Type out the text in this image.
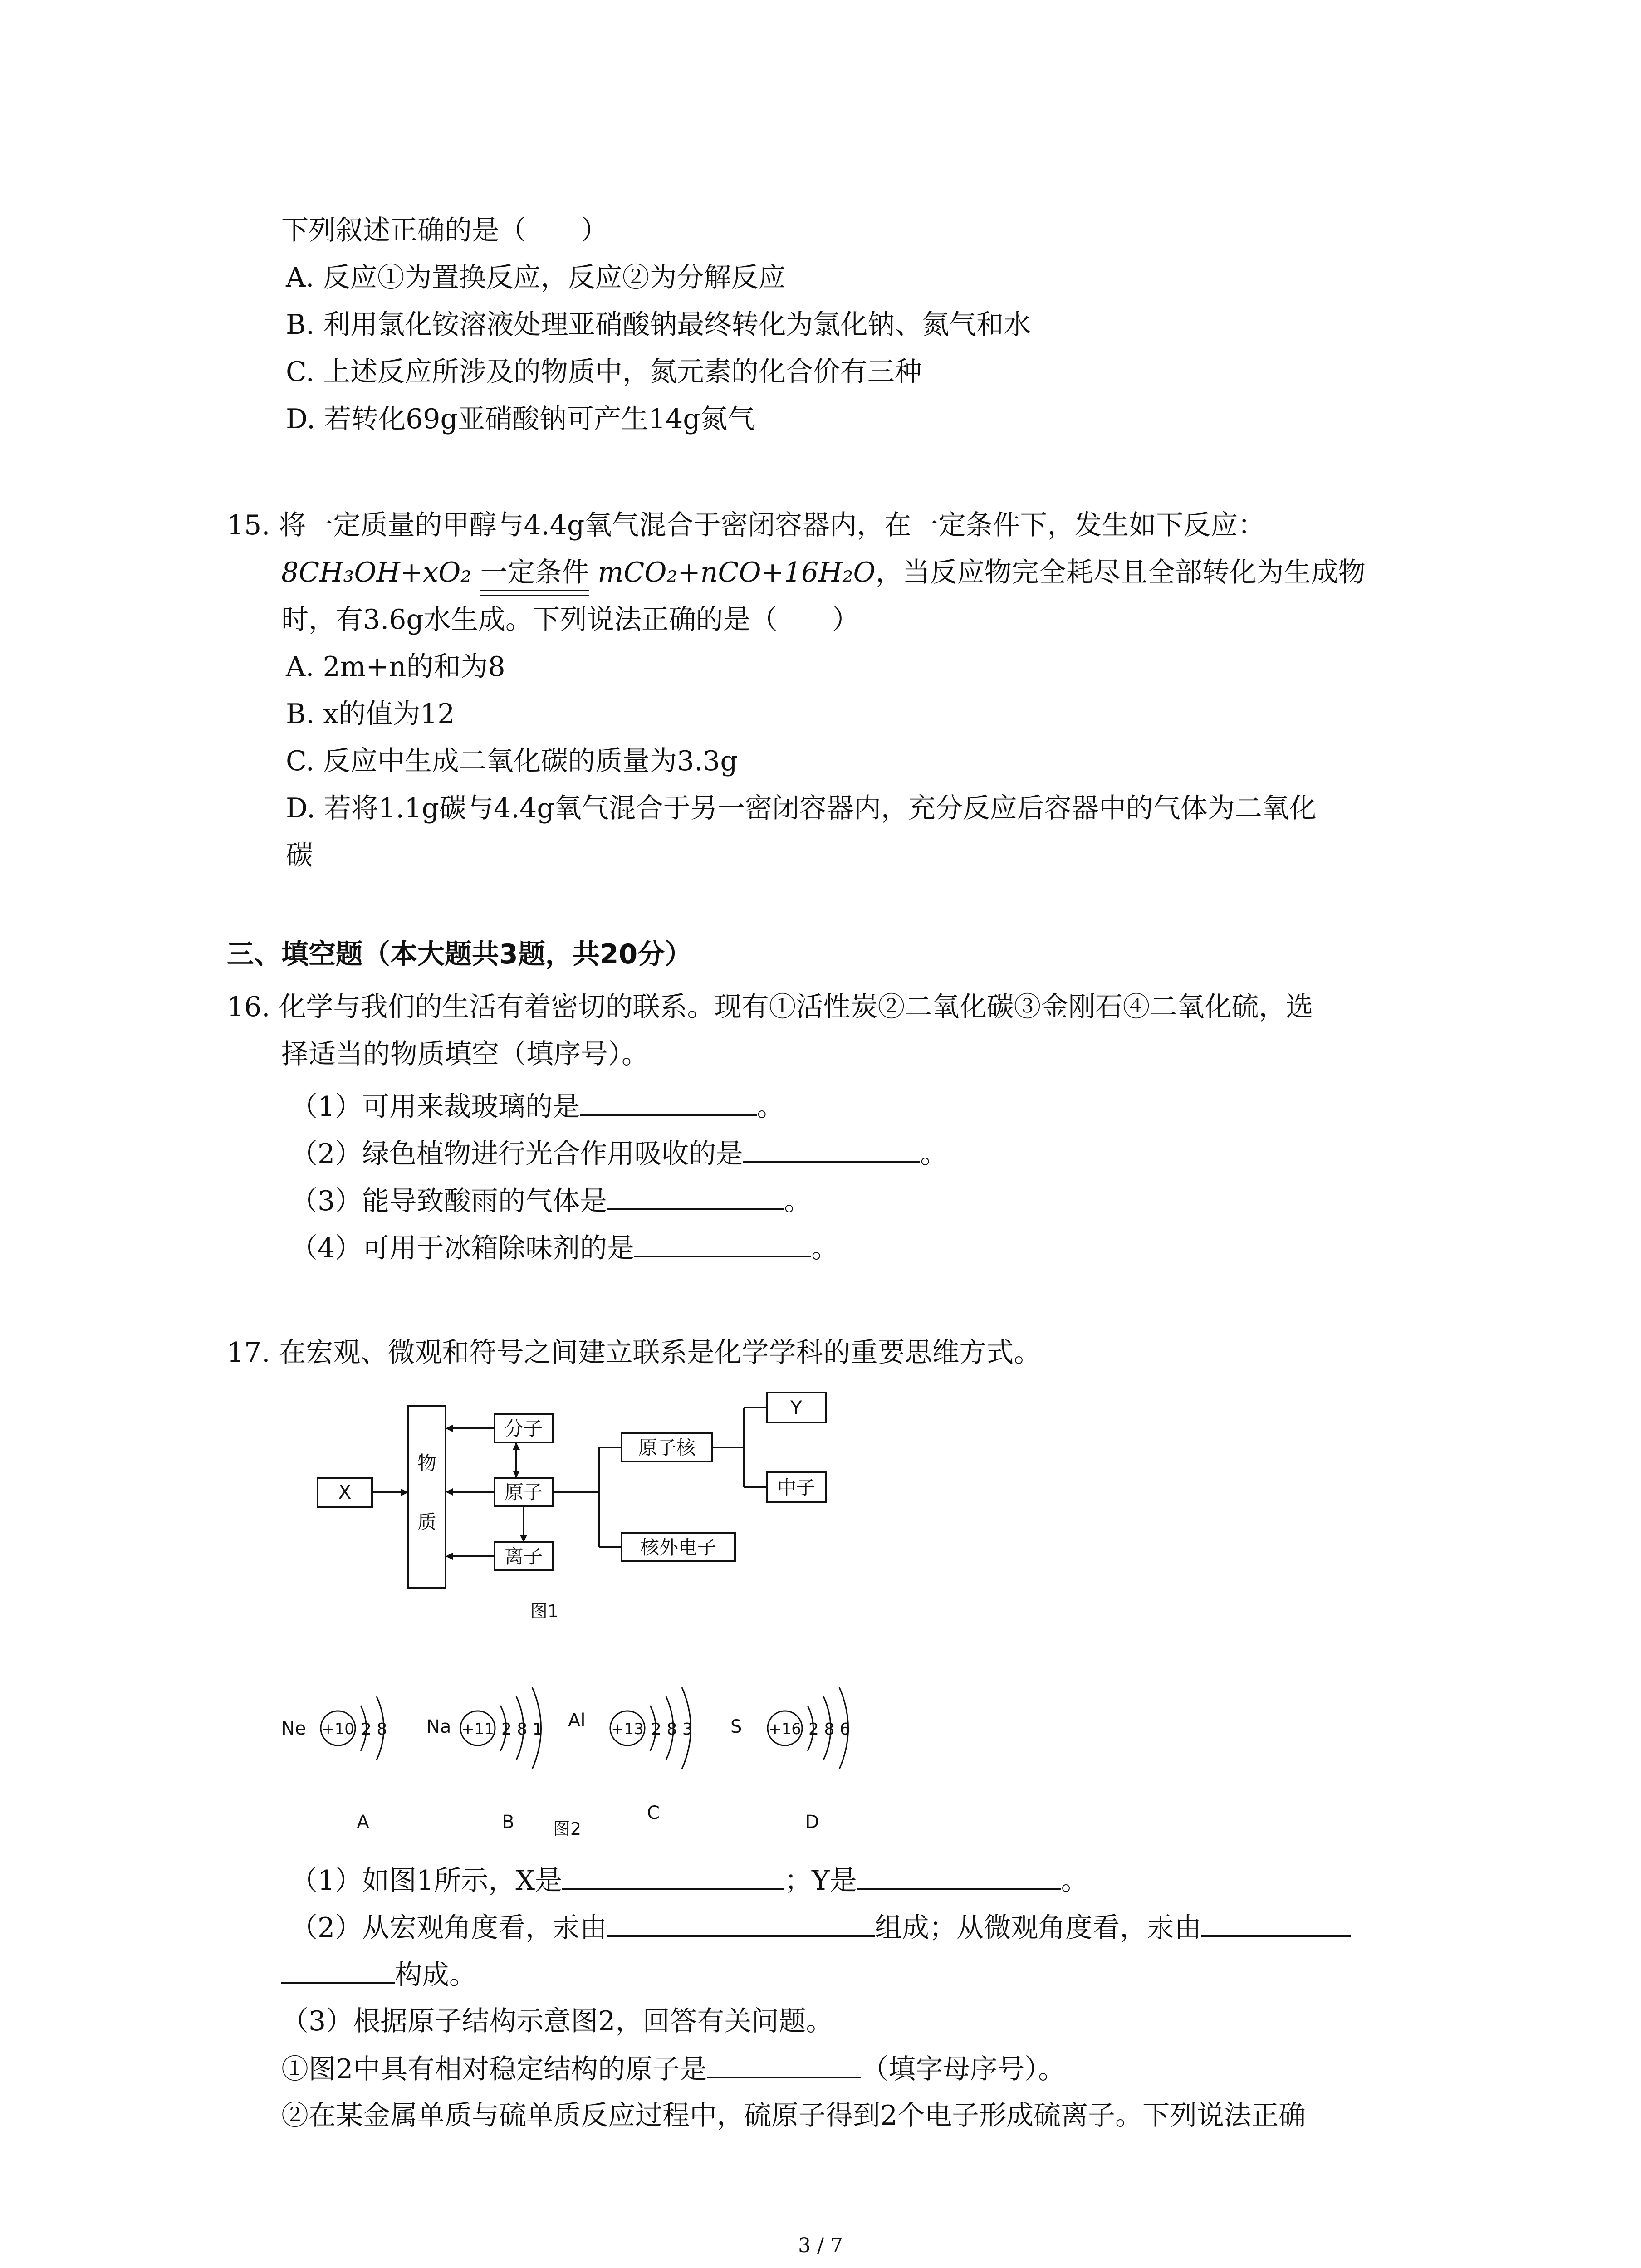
下列叙述正确的是（　　）
A. 反应①为置换反应，反应②为分解反应
B. 利用氯化铵溶液处理亚硝酸钠最终转化为氯化钠、氮气和水
C. 上述反应所涉及的物质中，氮元素的化合价有三种
D. 若转化69g亚硝酸钠可产生14g氮气
15. 将一定质量的甲醇与4.4g氧气混合于密闭容器内，在一定条件下，发生如下反应：
8CH₃OH+xO₂ 一定条件 mCO₂+nCO+16H₂O，当反应物完全耗尽且全部转化为生成物
时，有3.6g水生成。下列说法正确的是（　　）
A. 2m+n的和为8
B. x的值为12
C. 反应中生成二氧化碳的质量为3.3g
D. 若将1.1g碳与4.4g氧气混合于另一密闭容器内，充分反应后容器中的气体为二氧化
碳
三、填空题（本大题共3题，共20分）
16. 化学与我们的生活有着密切的联系。现有①活性炭②二氧化碳③金刚石④二氧化硫，选
择适当的物质填空（填序号）。
（1）可用来裁玻璃的是	。
（2）绿色植物进行光合作用吸收的是	。
（3）能导致酸雨的气体是	。
（4）可用于冰箱除味剂的是	。
17. 在宏观、微观和符号之间建立联系是化学学科的重要思维方式。
X
物
质
分子
原子
离子
原子核
核外电子
Y
中子
图1
Ne +10 2 8
A
Na +11 2 8 1
B
Al +13 2 8 3
C
S +16 2 8 6
D
图2
（1）如图1所示，X是	；Y是	。
（2）从宏观角度看，汞由	组成；从微观角度看，汞由
构成。
（3）根据原子结构示意图2，回答有关问题。
①图2中具有相对稳定结构的原子是	（填字母序号）。
②在某金属单质与硫单质反应过程中，硫原子得到2个电子形成硫离子。下列说法正确
3 / 7
